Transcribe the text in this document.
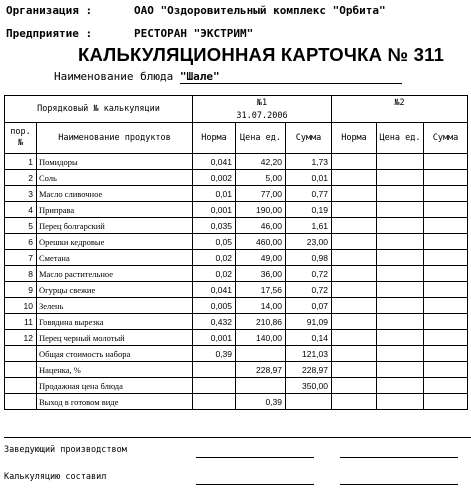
Организация :	ОАО "Оздоровительный комплекс "Орбита"
Предприятие :	РЕСТОРАН "ЭКСТРИМ"
КАЛЬКУЛЯЦИОННАЯ КАРТОЧКА № 311
Наименование блюда "Шале"
Порядковый № калькуляции		№1			№2		
		31.07.2006					
пор. №	Наименование продуктов	Норма	Цена ед.	Сумма	Норма	Цена ед.	Сумма
1	Помидоры	0,041	42,20	1,73			
2	Соль	0,002	5,00	0,01			
3	Масло сливочное	0,01	77,00	0,77			
4	Приправа	0,001	190,00	0,19			
5	Перец болгарский	0,035	46,00	1,61			
6	Орешки кедровые	0,05	460,00	23,00			
7	Сметана	0,02	49,00	0,98			
8	Масло растительное	0,02	36,00	0,72			
9	Огурцы свежие	0,041	17,56	0,72			
10	Зелень	0,005	14,00	0,07			
11	Говядина вырезка	0,432	210,86	91,09			
12	Перец черный молотый	0,001	140,00	0,14			
	Общая стоимость набора	0,39		121,03			
	Наценка, %		228,97	228,97			
	Продажная цена блюда			350,00			
	Выход в готовом виде		0,39				
Заведующий производством
Калькуляцию составил
